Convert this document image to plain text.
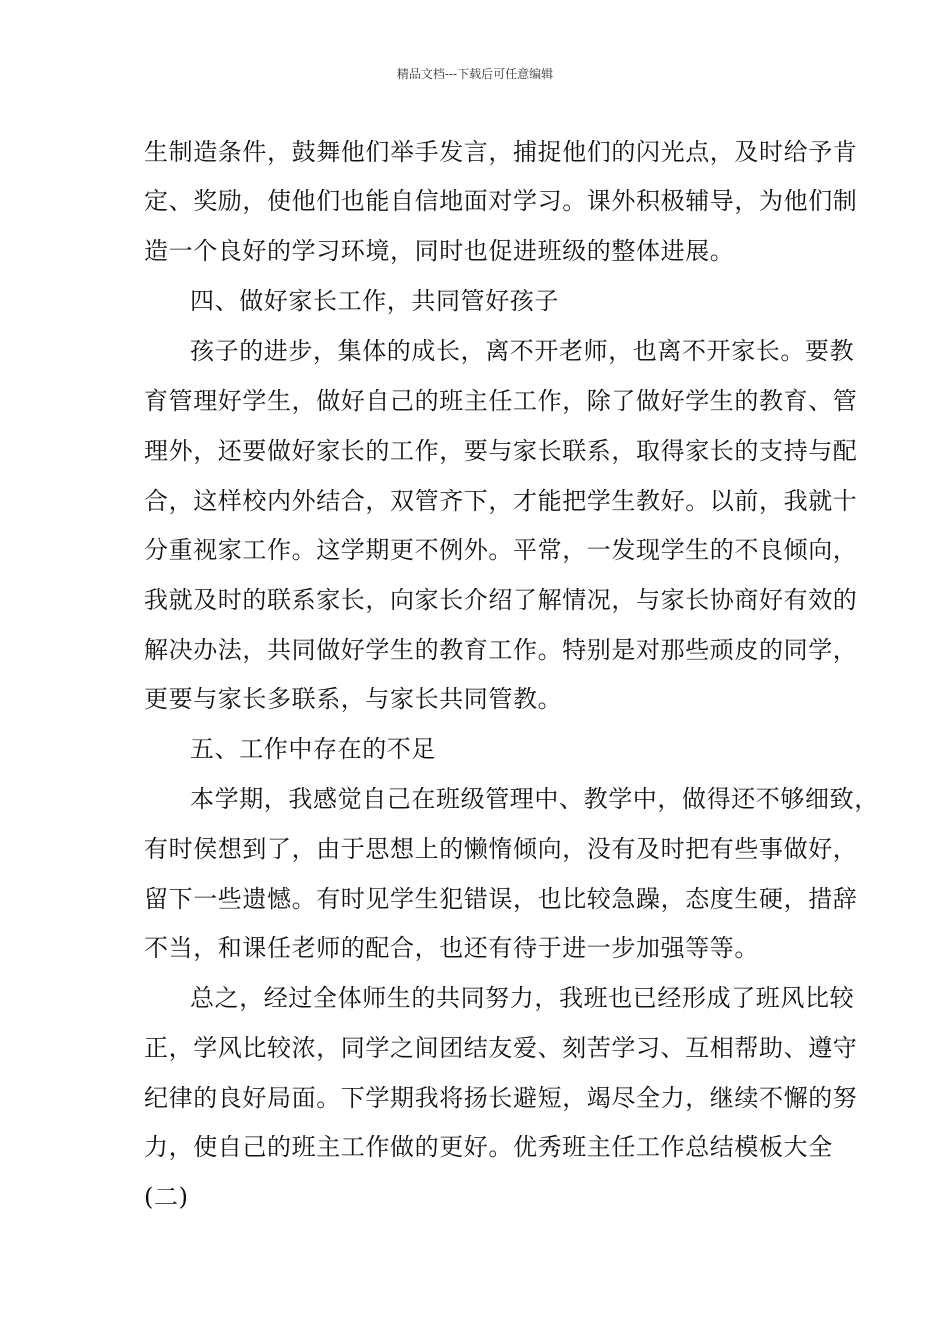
精品文档---下载后可任意编辑
生制造条件，鼓舞他们举手发言，捕捉他们的闪光点，及时给予肯
定、奖励，使他们也能自信地面对学习。课外积极辅导，为他们制
造一个良好的学习环境，同时也促进班级的整体进展。
四、做好家长工作，共同管好孩子
孩子的进步，集体的成长，离不开老师，也离不开家长。要教
育管理好学生，做好自己的班主任工作，除了做好学生的教育、管
理外，还要做好家长的工作，要与家长联系，取得家长的支持与配
合，这样校内外结合，双管齐下，才能把学生教好。以前，我就十
分重视家工作。这学期更不例外。平常，一发现学生的不良倾向，
我就及时的联系家长，向家长介绍了解情况，与家长协商好有效的
解决办法，共同做好学生的教育工作。特别是对那些顽皮的同学，
更要与家长多联系，与家长共同管教。
五、工作中存在的不足
本学期，我感觉自己在班级管理中、教学中，做得还不够细致，
有时侯想到了，由于思想上的懒惰倾向，没有及时把有些事做好，
留下一些遗憾。有时见学生犯错误，也比较急躁，态度生硬，措辞
不当，和课任老师的配合，也还有待于进一步加强等等。
总之，经过全体师生的共同努力，我班也已经形成了班风比较
正，学风比较浓，同学之间团结友爱、刻苦学习、互相帮助、遵守
纪律的良好局面。下学期我将扬长避短，竭尽全力，继续不懈的努
力，使自己的班主工作做的更好。优秀班主任工作总结模板大全
(二)
